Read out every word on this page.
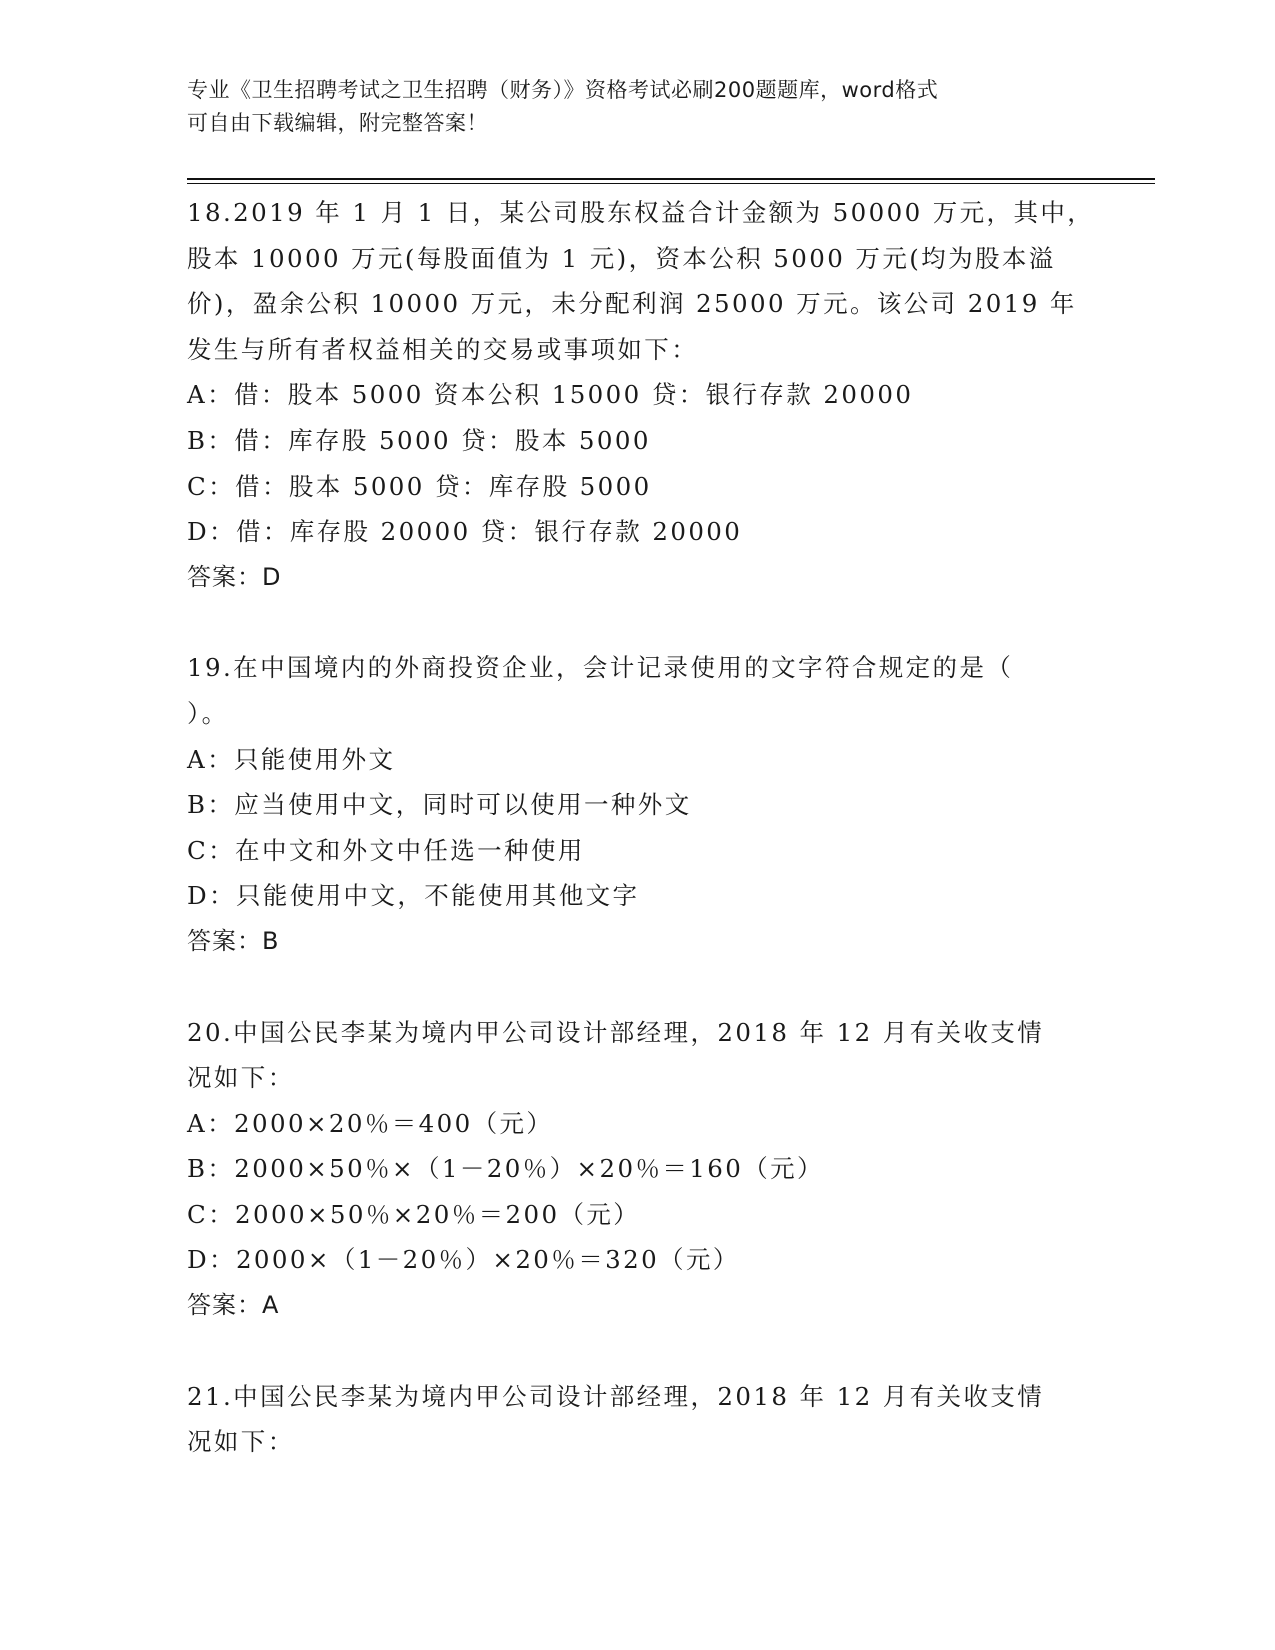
专业《卫生招聘考试之卫生招聘（财务）》资格考试必刷200题题库，word格式
可自由下载编辑，附完整答案！
18.2019 年 1 月 1 日，某公司股东权益合计金额为 50000 万元，其中，
股本 10000 万元(每股面值为 1 元)，资本公积 5000 万元(均为股本溢
价)，盈余公积 10000 万元，未分配利润 25000 万元。该公司 2019 年
发生与所有者权益相关的交易或事项如下：
A：借：股本 5000 资本公积 15000 贷：银行存款 20000
B：借：库存股 5000 贷：股本 5000
C：借：股本 5000 贷：库存股 5000
D：借：库存股 20000 贷：银行存款 20000
答案：D
19.在中国境内的外商投资企业，会计记录使用的文字符合规定的是（
）。
A：只能使用外文
B：应当使用中文，同时可以使用一种外文
C：在中文和外文中任选一种使用
D：只能使用中文，不能使用其他文字
答案：B
20.中国公民李某为境内甲公司设计部经理，2018 年 12 月有关收支情
况如下：
A：2000×20％＝400（元）
B：2000×50％×（1－20％）×20％＝160（元）
C：2000×50％×20％＝200（元）
D：2000×（1－20％）×20％＝320（元）
答案：A
21.中国公民李某为境内甲公司设计部经理，2018 年 12 月有关收支情
况如下：
